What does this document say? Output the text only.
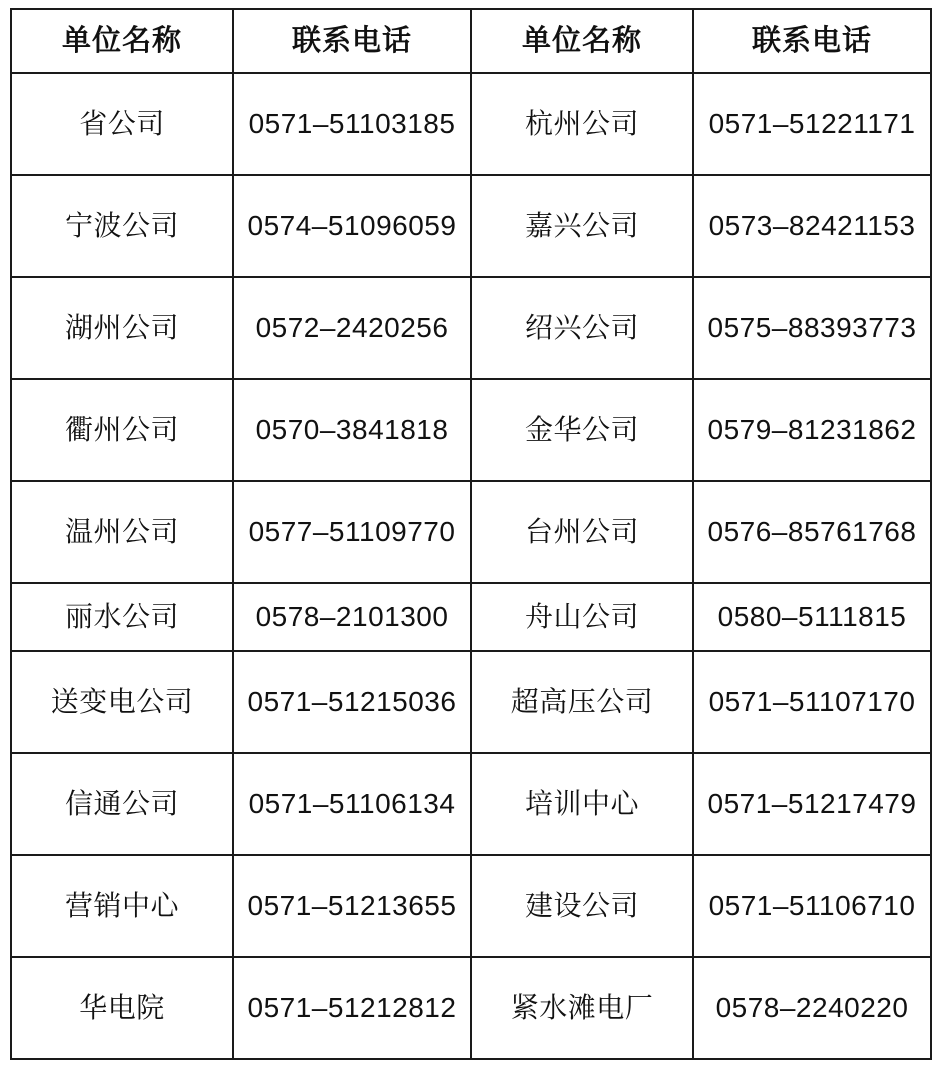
单位名称	联系电话	单位名称	联系电话
省公司	0571–51103185	杭州公司	0571–51221171
宁波公司	0574–51096059	嘉兴公司	0573–82421153
湖州公司	0572–2420256	绍兴公司	0575–88393773
衢州公司	0570–3841818	金华公司	0579–81231862
温州公司	0577–51109770	台州公司	0576–85761768
丽水公司	0578–2101300	舟山公司	0580–5111815
送变电公司	0571–51215036	超高压公司	0571–51107170
信通公司	0571–51106134	培训中心	0571–51217479
营销中心	0571–51213655	建设公司	0571–51106710
华电院	0571–51212812	紧水滩电厂	0578–2240220
